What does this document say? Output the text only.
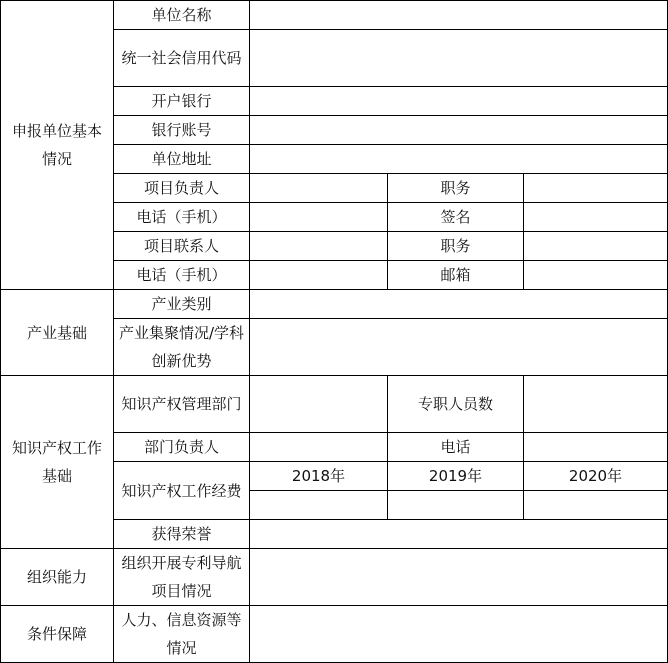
申报单位基本情况	单位名称			
	统一社会信用代码			
	开户银行			
	银行账号			
	单位地址			
	项目负责人		职务	
	电话（手机）		签名	
	项目联系人		职务	
	电话（手机）		邮箱	
产业基础	产业类别			
	产业集聚情况/学科创新优势			
知识产权工作基础	知识产权管理部门		专职人员数	
	部门负责人		电话	
	知识产权工作经费	2018年	2019年	2020年

	获得荣誉			
组织能力	组织开展专利导航项目情况			
条件保障	人力、信息资源等情况			
